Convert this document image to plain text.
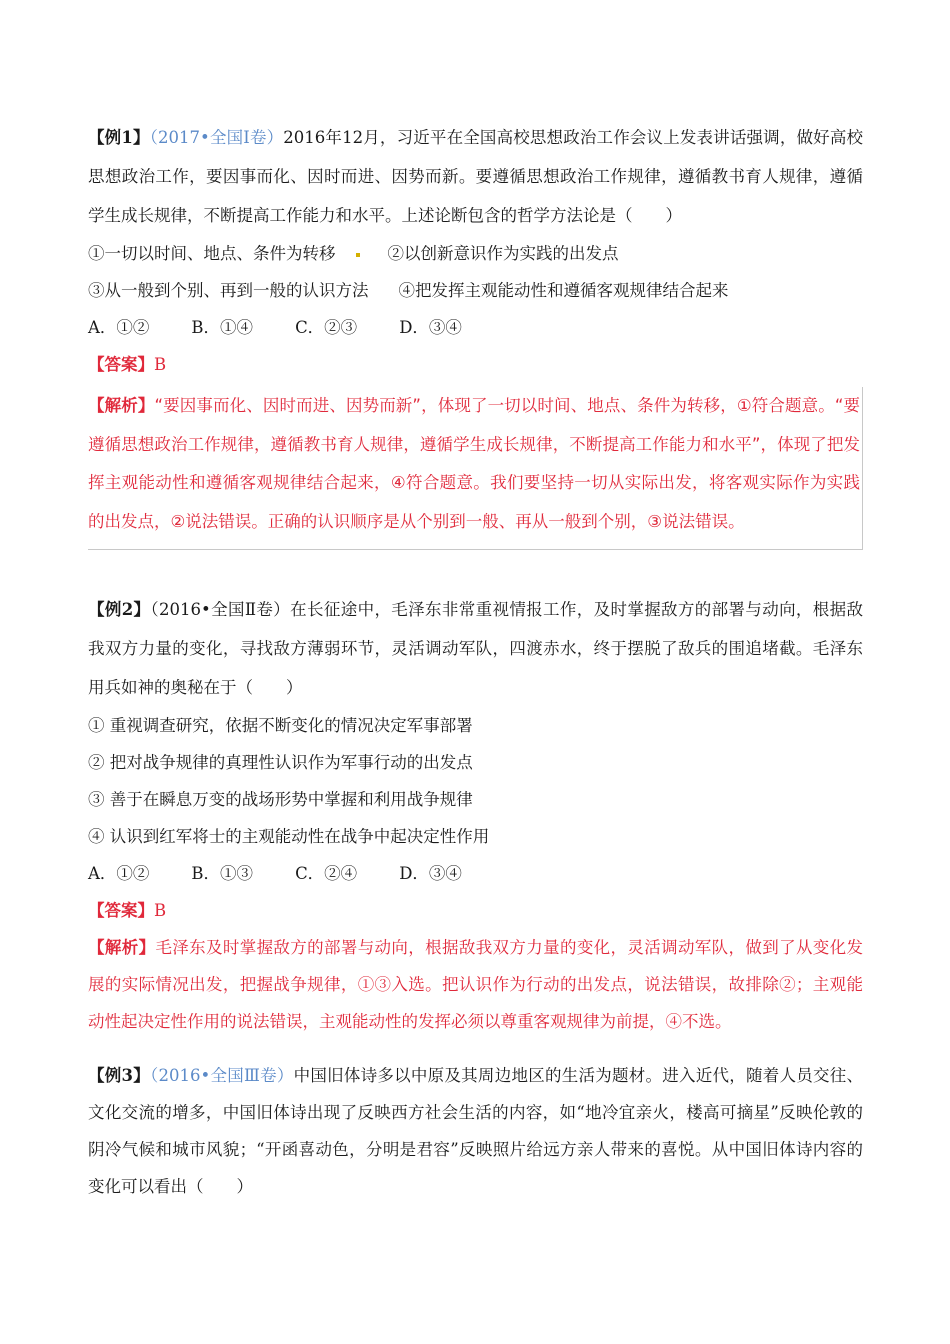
【例1】（2017•全国Ⅰ卷）2016年12月，习近平在全国高校思想政治工作会议上发表讲话强调，做好高校思想政治工作，要因事而化、因时而进、因势而新。要遵循思想政治工作规律，遵循教书育人规律，遵循学生成长规律，不断提高工作能力和水平。上述论断包含的哲学方法论是（　　）
①一切以时间、地点、条件为转移	②以创新意识作为实践的出发点
③从一般到个别、再到一般的认识方法 ④把发挥主观能动性和遵循客观规律结合起来
A．①②	B．①④	C．②③	D．③④
【答案】B
【解析】“要因事而化、因时而进、因势而新”，体现了一切以时间、地点、条件为转移，①符合题意。“要遵循思想政治工作规律，遵循教书育人规律，遵循学生成长规律，不断提高工作能力和水平”，体现了把发挥主观能动性和遵循客观规律结合起来，④符合题意。我们要坚持一切从实际出发，将客观实际作为实践的出发点，②说法错误。正确的认识顺序是从个别到一般、再从一般到个别，③说法错误。
【例2】（2016•全国Ⅱ卷）在长征途中，毛泽东非常重视情报工作，及时掌握敌方的部署与动向，根据敌我双方力量的变化，寻找敌方薄弱环节，灵活调动军队，四渡赤水，终于摆脱了敌兵的围追堵截。毛泽东用兵如神的奥秘在于（　　）
① 重视调查研究，依据不断变化的情况决定军事部署
② 把对战争规律的真理性认识作为军事行动的出发点
③ 善于在瞬息万变的战场形势中掌握和利用战争规律
④ 认识到红军将士的主观能动性在战争中起决定性作用
A．①②	B．①③	C．②④	D．③④
【答案】B
【解析】毛泽东及时掌握敌方的部署与动向，根据敌我双方力量的变化，灵活调动军队，做到了从变化发展的实际情况出发，把握战争规律，①③入选。把认识作为行动的出发点，说法错误，故排除②；主观能动性起决定性作用的说法错误，主观能动性的发挥必须以尊重客观规律为前提，④不选。
【例3】（2016•全国Ⅲ卷）中国旧体诗多以中原及其周边地区的生活为题材。进入近代，随着人员交往、文化交流的增多，中国旧体诗出现了反映西方社会生活的内容，如“地冷宜亲火，楼高可摘星”反映伦敦的阴冷气候和城市风貌；“开函喜动色，分明是君容”反映照片给远方亲人带来的喜悦。从中国旧体诗内容的变化可以看出（　　）
